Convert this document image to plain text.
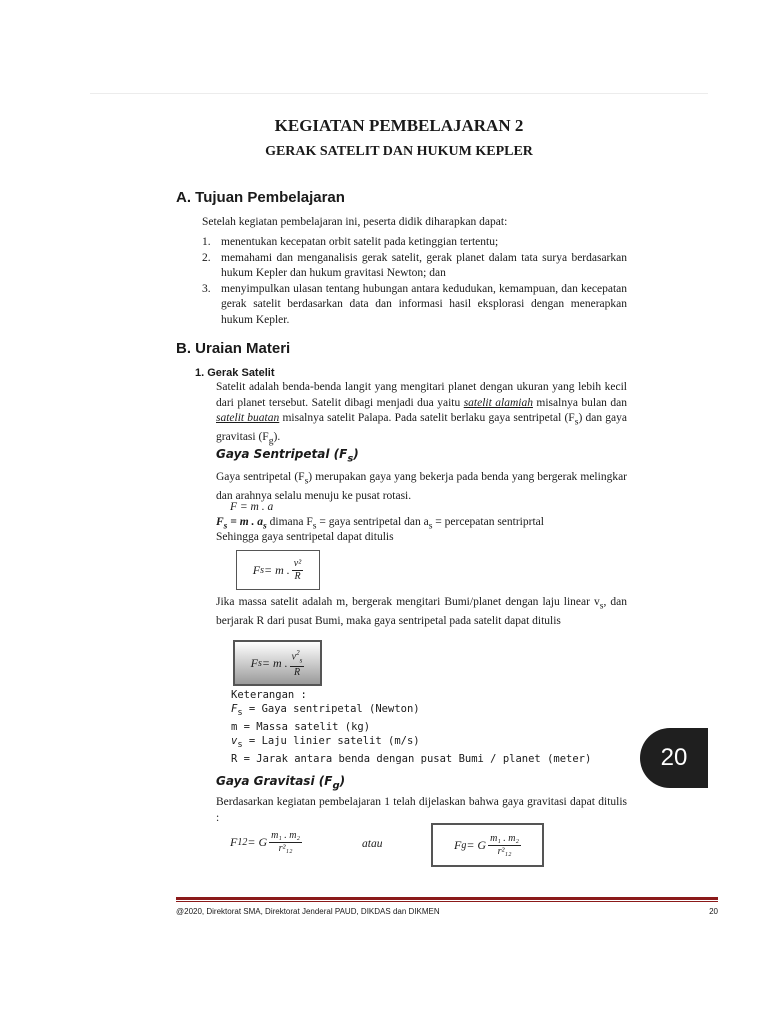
KEGIATAN PEMBELAJARAN 2
GERAK SATELIT DAN HUKUM KEPLER
A. Tujuan Pembelajaran
Setelah kegiatan pembelajaran ini, peserta didik diharapkan dapat:
1. menentukan kecepatan orbit satelit pada ketinggian tertentu;
2. memahami dan menganalisis gerak satelit, gerak planet dalam tata surya berdasarkan hukum Kepler dan hukum gravitasi Newton; dan
3. menyimpulkan ulasan tentang hubungan antara kedudukan, kemampuan, dan kecepatan gerak satelit berdasarkan data dan informasi hasil eksplorasi dengan menerapkan hukum Kepler.
B. Uraian Materi
1. Gerak Satelit
Satelit adalah benda-benda langit yang mengitari planet dengan ukuran yang lebih kecil dari planet tersebut. Satelit dibagi menjadi dua yaitu satelit alamiah misalnya bulan dan satelit buatan misalnya satelit Palapa. Pada satelit berlaku gaya sentripetal $(F_s)$ dan gaya gravitasi $(F_g)$.
Gaya Sentripetal $(F_s)$
Gaya sentripetal $(F_s)$ merupakan gaya yang bekerja pada benda yang bergerak melingkar dan arahnya selalu menuju ke pusat rotasi.
F = m . a
$F_s = m$ . $a_s$ dimana $F_s$ = gaya sentripetal dan $a_s$ = percepatan sentriprtal
Sehingga gaya sentripetal dapat ditulis
F s = m . $\frac{\text{v²}}{R}$
Jika massa satelit adalah m, bergerak mengitari Bumi/planet dengan laju linear $v_s$, dan berjarak R dari pusat Bumi, maka gaya sentripetal pada satelit dapat ditulis
F s = m . $\frac{v^2_s}{R}$
Keterangan :
$F_s$ = Gaya sentripetal (Newton)
m = Massa satelit (kg)
$v_s$ = Laju linier satelit (m/s)
R = Jarak antara benda dengan pusat Bumi / planet (meter)
Gaya Gravitasi $(F_g)$
Berdasarkan kegiatan pembelajaran 1 telah dijelaskan bahwa gaya gravitasi dapat ditulis :
F 12 = G $\frac{\text{m₁ . m₂}}{\text{r²₁₂}}$	atau	F g = G $\frac{\text{m₁ . m₂}}{\text{r²₁₂}}$
@2020, Direktorat SMA, Direktorat Jenderal PAUD, DIKDAS dan DIKMEN	20
20
